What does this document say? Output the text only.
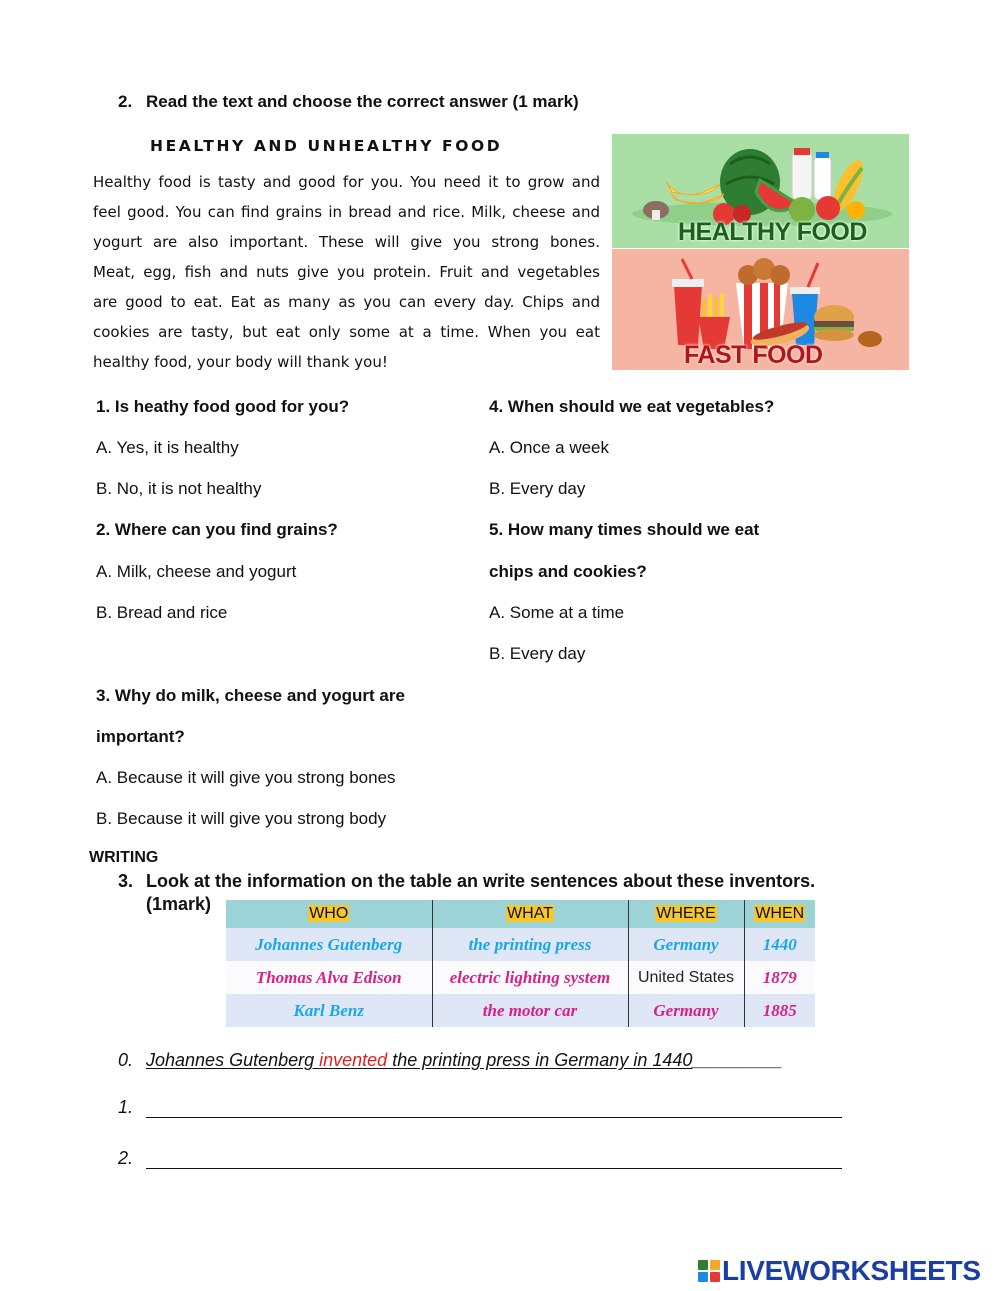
2. Read the text and choose the correct answer (1 mark)
HEALTHY AND UNHEALTHY FOOD
Healthy food is tasty and good for you. You need it to grow and
feel good. You can find grains in bread and rice. Milk, cheese and
yogurt are also important. These will give you strong bones.
Meat, egg, fish and nuts give you protein. Fruit and vegetables
are good to eat. Eat as many as you can every day. Chips and
cookies are tasty, but eat only some at a time. When you eat
healthy food, your body will thank you!
HEALTHY FOOD
FAST FOOD
1. Is heathy food good for you?
A. Yes, it is healthy
B. No, it is not healthy
2. Where can you find grains?
A. Milk, cheese and yogurt
B. Bread and rice
3. Why do milk, cheese and yogurt are
important?
A. Because it will give you strong bones
B. Because it will give you strong body
4. When should we eat vegetables?
A. Once a week
B. Every day
5. How many times should we eat
chips and cookies?
A. Some at a time
B. Every day
WRITING
3. Look at the information on the table an write sentences about these inventors.
(1mark)	WHO	WHAT	WHERE	WHEN
Johannes Gutenberg	the printing press	Germany	1440
Thomas Alva Edison	electric lighting system	United States	1879
Karl Benz	the motor car	Germany	1885
0. Johannes Gutenberg invented the printing press in Germany in 1440_________
1.
2.
LIVEWORKSHEETS
